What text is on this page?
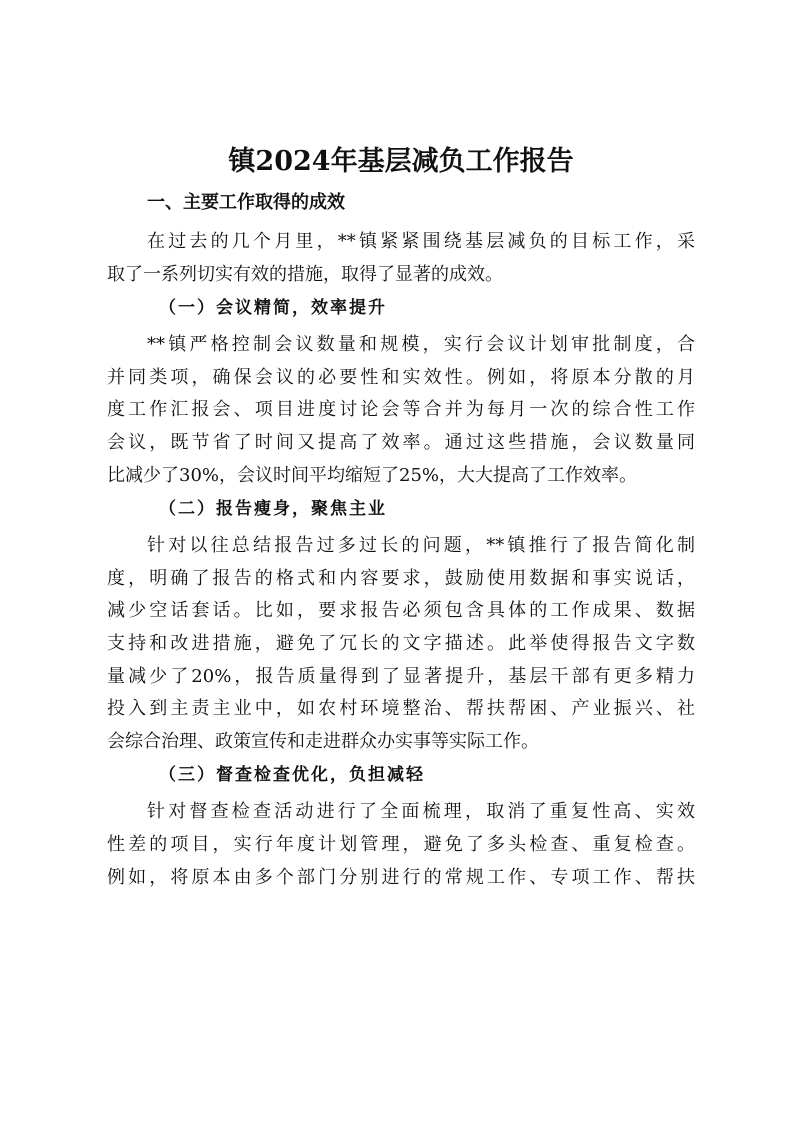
镇2024年基层减负工作报告
一、主要工作取得的成效
在过去的几个月里，**镇紧紧围绕基层减负的目标工作，采
取了一系列切实有效的措施，取得了显著的成效。
（一）会议精简，效率提升
**镇严格控制会议数量和规模，实行会议计划审批制度，合
并同类项，确保会议的必要性和实效性。例如，将原本分散的月
度工作汇报会、项目进度讨论会等合并为每月一次的综合性工作
会议，既节省了时间又提高了效率。通过这些措施，会议数量同
比减少了30%，会议时间平均缩短了25%，大大提高了工作效率。
（二）报告瘦身，聚焦主业
针对以往总结报告过多过长的问题，**镇推行了报告简化制
度，明确了报告的格式和内容要求，鼓励使用数据和事实说话，
减少空话套话。比如，要求报告必须包含具体的工作成果、数据
支持和改进措施，避免了冗长的文字描述。此举使得报告文字数
量减少了20%，报告质量得到了显著提升，基层干部有更多精力
投入到主责主业中，如农村环境整治、帮扶帮困、产业振兴、社
会综合治理、政策宣传和走进群众办实事等实际工作。
（三）督查检查优化，负担减轻
针对督查检查活动进行了全面梳理，取消了重复性高、实效
性差的项目，实行年度计划管理，避免了多头检查、重复检查。
例如，将原本由多个部门分别进行的常规工作、专项工作、帮扶
